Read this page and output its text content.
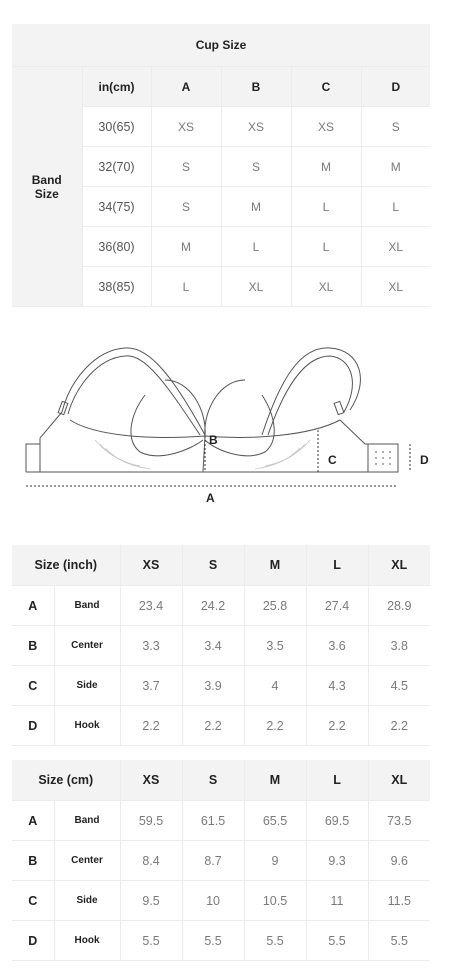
Cup Size					
Band
Size	in(cm)	A	B	C	D
	30(65)	XS	XS	XS	S
	32(70)	S	S	M	M
	34(75)	S	M	L	L
	36(80)	M	L	L	XL
	38(85)	L	XL	XL	XL
A
B
C	D
Size (inch)		XS	S	M	L	XL
A	Band	23.4	24.2	25.8	27.4	28.9
B	Center	3.3	3.4	3.5	3.6	3.8
C	Side	3.7	3.9	4	4.3	4.5
D	Hook	2.2	2.2	2.2	2.2	2.2
Size (cm)		XS	S	M	L	XL
A	Band	59.5	61.5	65.5	69.5	73.5
B	Center	8.4	8.7	9	9.3	9.6
C	Side	9.5	10	10.5	11	11.5
D	Hook	5.5	5.5	5.5	5.5	5.5
